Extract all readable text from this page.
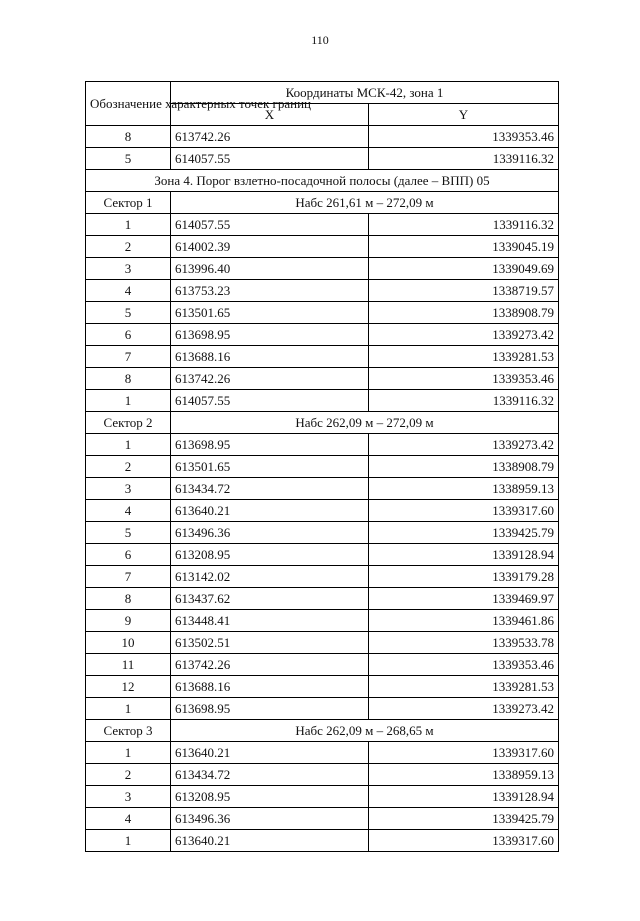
110
Обозначение характерных точек границ	Координаты МСК-42, зона 1	
	X	Y
8	613742.26	1339353.46
5	614057.55	1339116.32
Зона 4. Порог взлетно-посадочной полосы (далее – ВПП) 05		
Сектор 1	Набс 261,61 м – 272,09 м	
1	614057.55	1339116.32
2	614002.39	1339045.19
3	613996.40	1339049.69
4	613753.23	1338719.57
5	613501.65	1338908.79
6	613698.95	1339273.42
7	613688.16	1339281.53
8	613742.26	1339353.46
1	614057.55	1339116.32
Сектор 2	Набс 262,09 м – 272,09 м	
1	613698.95	1339273.42
2	613501.65	1338908.79
3	613434.72	1338959.13
4	613640.21	1339317.60
5	613496.36	1339425.79
6	613208.95	1339128.94
7	613142.02	1339179.28
8	613437.62	1339469.97
9	613448.41	1339461.86
10	613502.51	1339533.78
11	613742.26	1339353.46
12	613688.16	1339281.53
1	613698.95	1339273.42
Сектор 3	Набс 262,09 м – 268,65 м	
1	613640.21	1339317.60
2	613434.72	1338959.13
3	613208.95	1339128.94
4	613496.36	1339425.79
1	613640.21	1339317.60
